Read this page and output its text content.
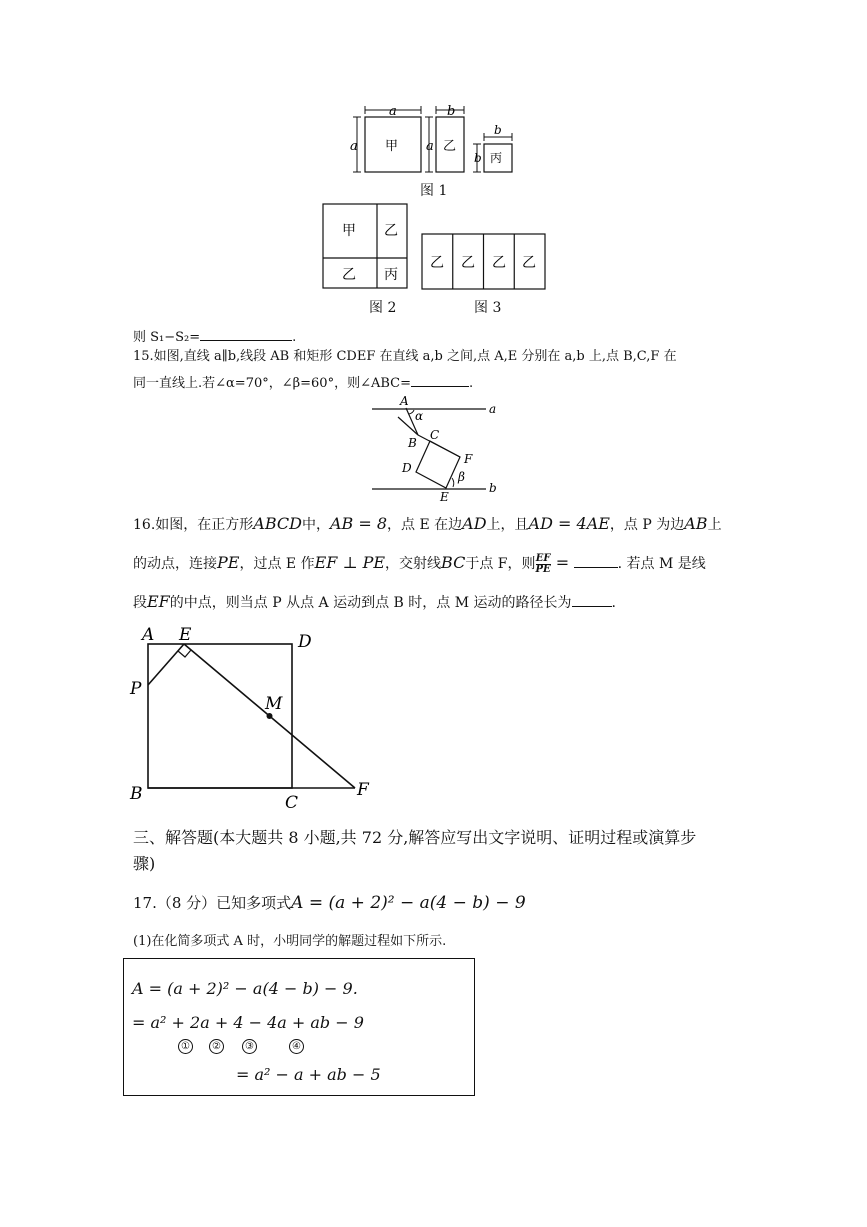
a
a 甲
b
a 乙
b
b 丙
图 1
甲 乙
乙 丙
图 2
乙 乙 乙 乙
图 3
则 S₁−S₂=	.
15.如图,直线 a∥b,线段 AB 和矩形 CDEF 在直线 a,b 之间,点 A,E 分别在 a,b 上,点 B,C,F 在
同一直线上.若∠α=70°，∠β=60°，则∠ABC=	.
A
α	a
B
C
D
F
β
E
b
16.如图，在正方形ABCD中，AB = 8，点 E 在边AD上，且AD = 4AE，点 P 为边AB上
的动点，连接PE，过点 E 作EF ⊥ PE，交射线BC于点 F，则 $\frac{EF}{PE}$ =	. 若点 M 是线
段EF的中点，则当点 P 从点 A 运动到点 B 时，点 M 运动的路径长为	.
A E	D
P
M
B	C
F
三、解答题(本大题共 8 小题,共 72 分,解答应写出文字说明、证明过程或演算步
骤)
17.（8 分）已知多项式A = (a + 2)² − a(4 − b) − 9
(1)在化简多项式 A 时，小明同学的解题过程如下所示.
A = (a + 2)² − a(4 − b) − 9.
= a² + 2a + 4 − 4a + ab − 9
①	②	③	④
= a² − a + ab − 5
